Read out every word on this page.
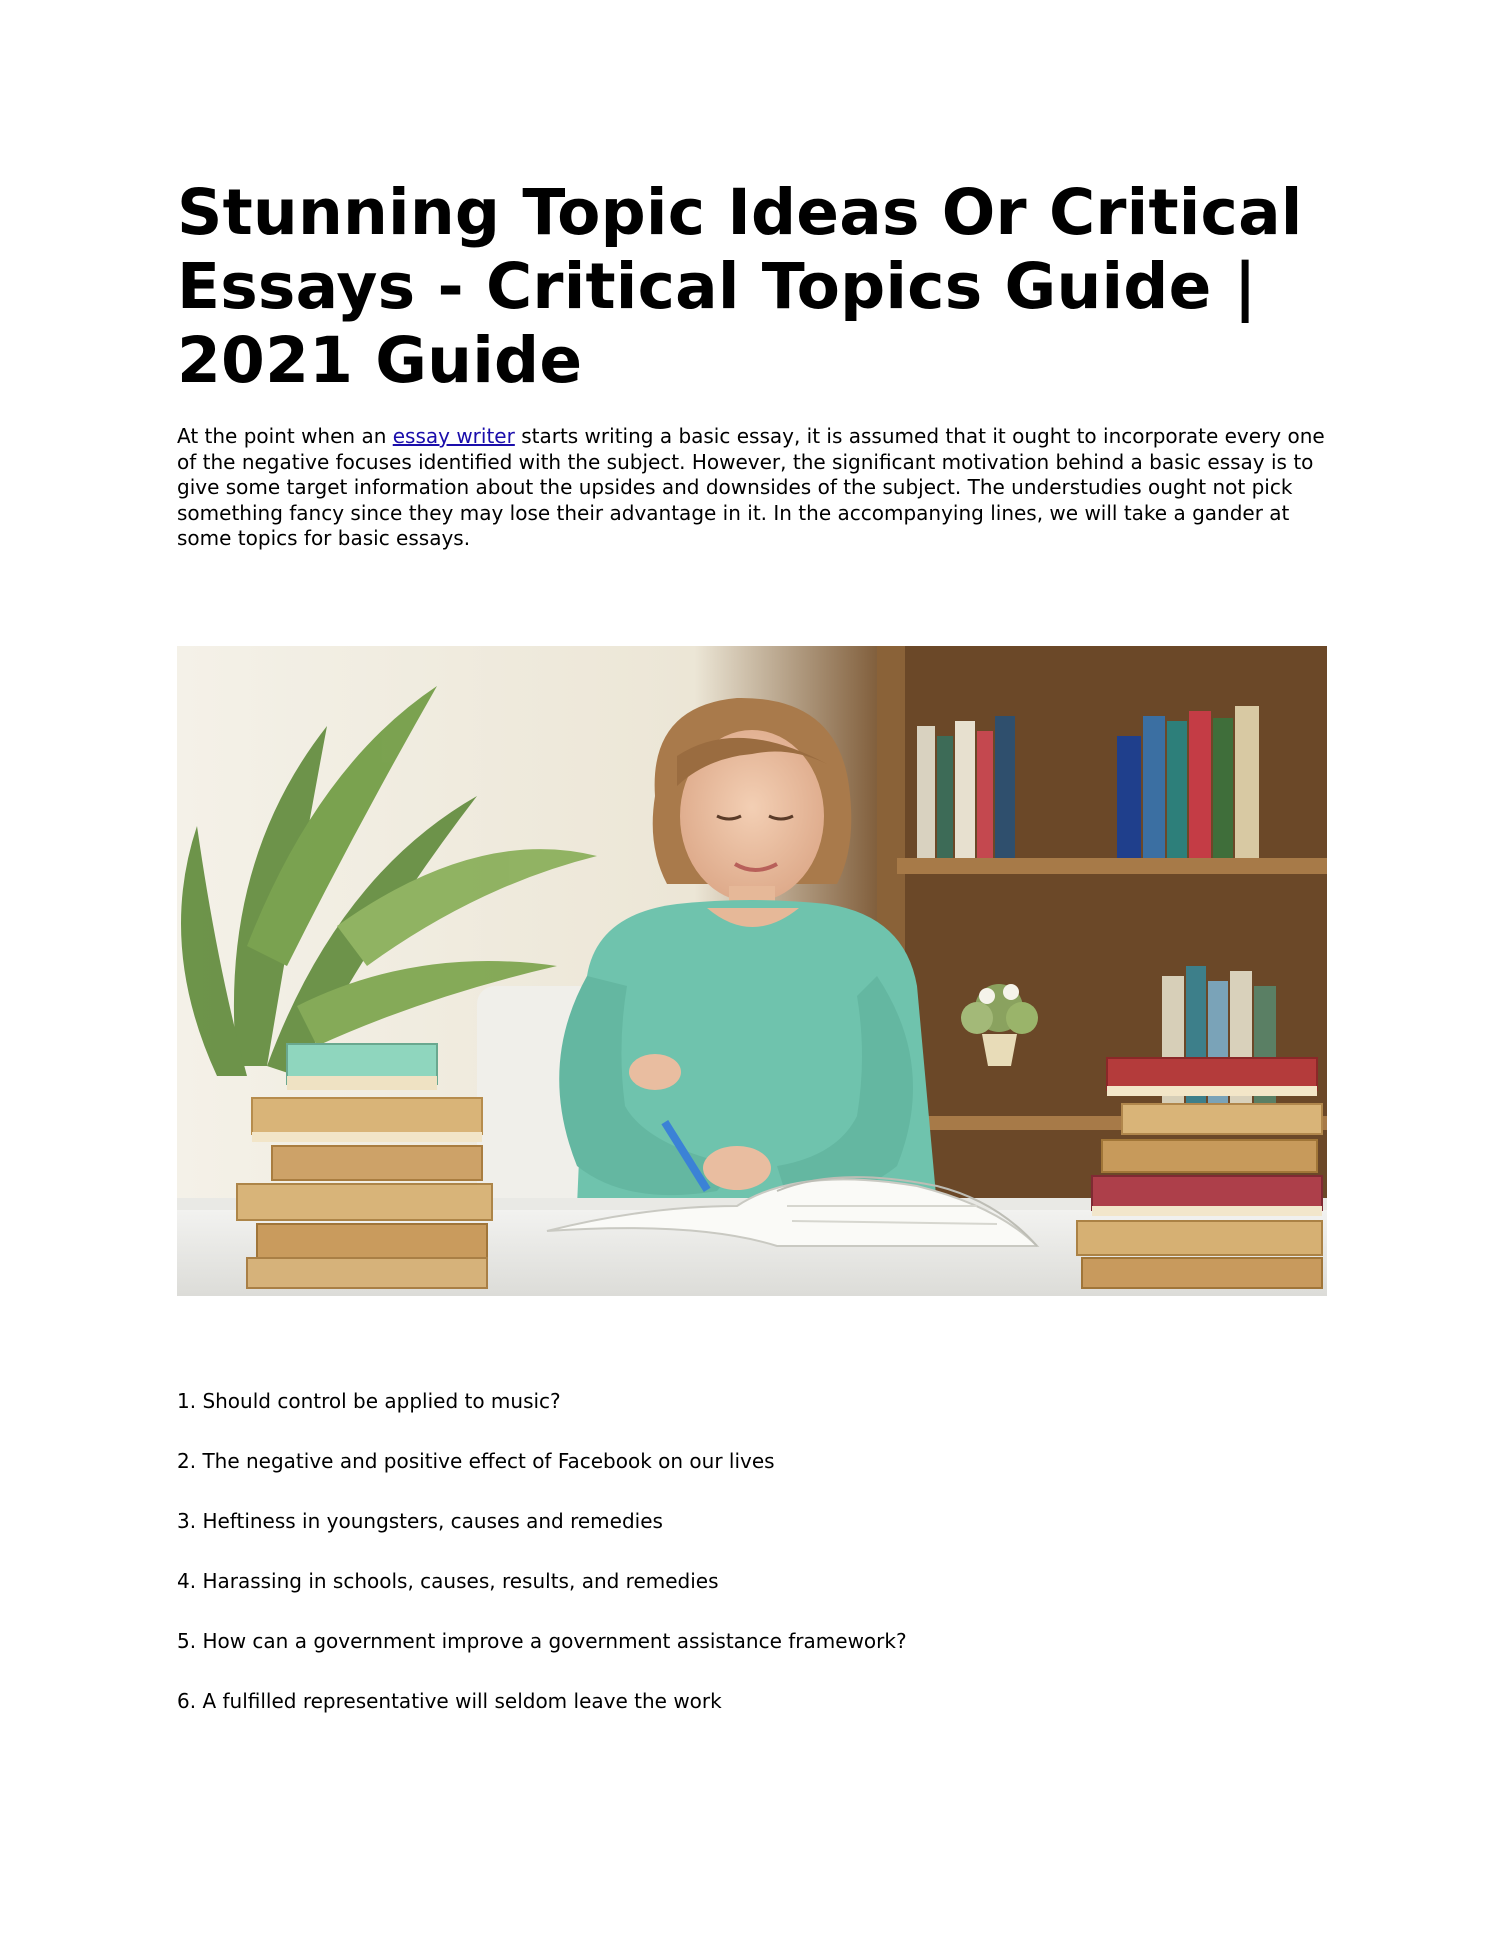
Stunning Topic Ideas Or Critical
Essays - Critical Topics Guide |
2021 Guide

At the point when an essay writer starts writing a basic essay, it is assumed that it ought to incorporate every one of the negative focuses identified with the subject. However, the significant motivation behind a basic essay is to give some target information about the upsides and downsides of the subject. The understudies ought not pick something fancy since they may lose their advantage in it. In the accompanying lines, we will take a gander at some topics for basic essays.

1. Should control be applied to music?
2. The negative and positive effect of Facebook on our lives
3. Heftiness in youngsters, causes and remedies
4. Harassing in schools, causes, results, and remedies
5. How can a government improve a government assistance framework?
6. A fulfilled representative will seldom leave the work
